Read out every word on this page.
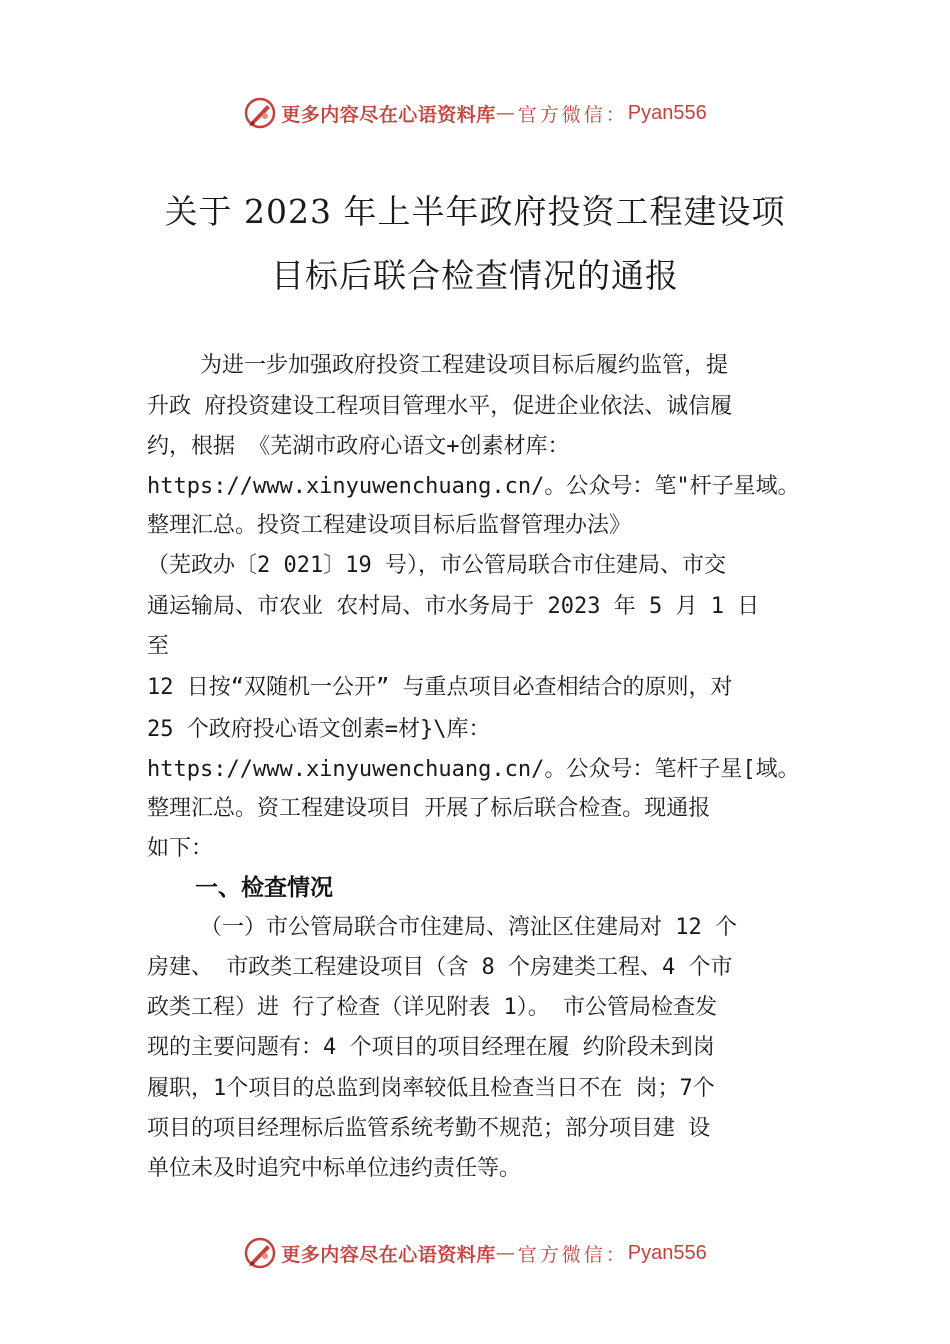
更多内容尽在心语资料库 — 官方微信： Pyan556
关于 2023 年上半年政府投资工程建设项
目标后联合检查情况的通报
为进一步加强政府投资工程建设项目标后履约监管，提
升政 府投资建设工程项目管理水平，促进企业依法、诚信履
约，根据 《芜湖市政府心语文+创素材库：
https://www.xinyuwenchuang.cn/。公众号：笔"杆子星域。
整理汇总。投资工程建设项目标后监督管理办法》
（芜政办〔2 021〕19 号），市公管局联合市住建局、市交
通运输局、市农业 农村局、市水务局于 2023 年 5 月 1 日
至
12 日按“双随机一公开” 与重点项目必查相结合的原则，对
25 个政府投心语文创素=材}\库：
https://www.xinyuwenchuang.cn/。公众号：笔杆子星[域。
整理汇总。资工程建设项目 开展了标后联合检查。现通报
如下：
一、检查情况
（一）市公管局联合市住建局、湾沚区住建局对 12 个
房建、 市政类工程建设项目（含 8 个房建类工程、4 个市
政类工程）进 行了检查（详见附表 1）。 市公管局检查发
现的主要问题有：4 个项目的项目经理在履 约阶段未到岗
履职，1个项目的总监到岗率较低且检查当日不在 岗；7个
项目的项目经理标后监管系统考勤不规范；部分项目建 设
单位未及时追究中标单位违约责任等。
更多内容尽在心语资料库 — 官方微信： Pyan556
